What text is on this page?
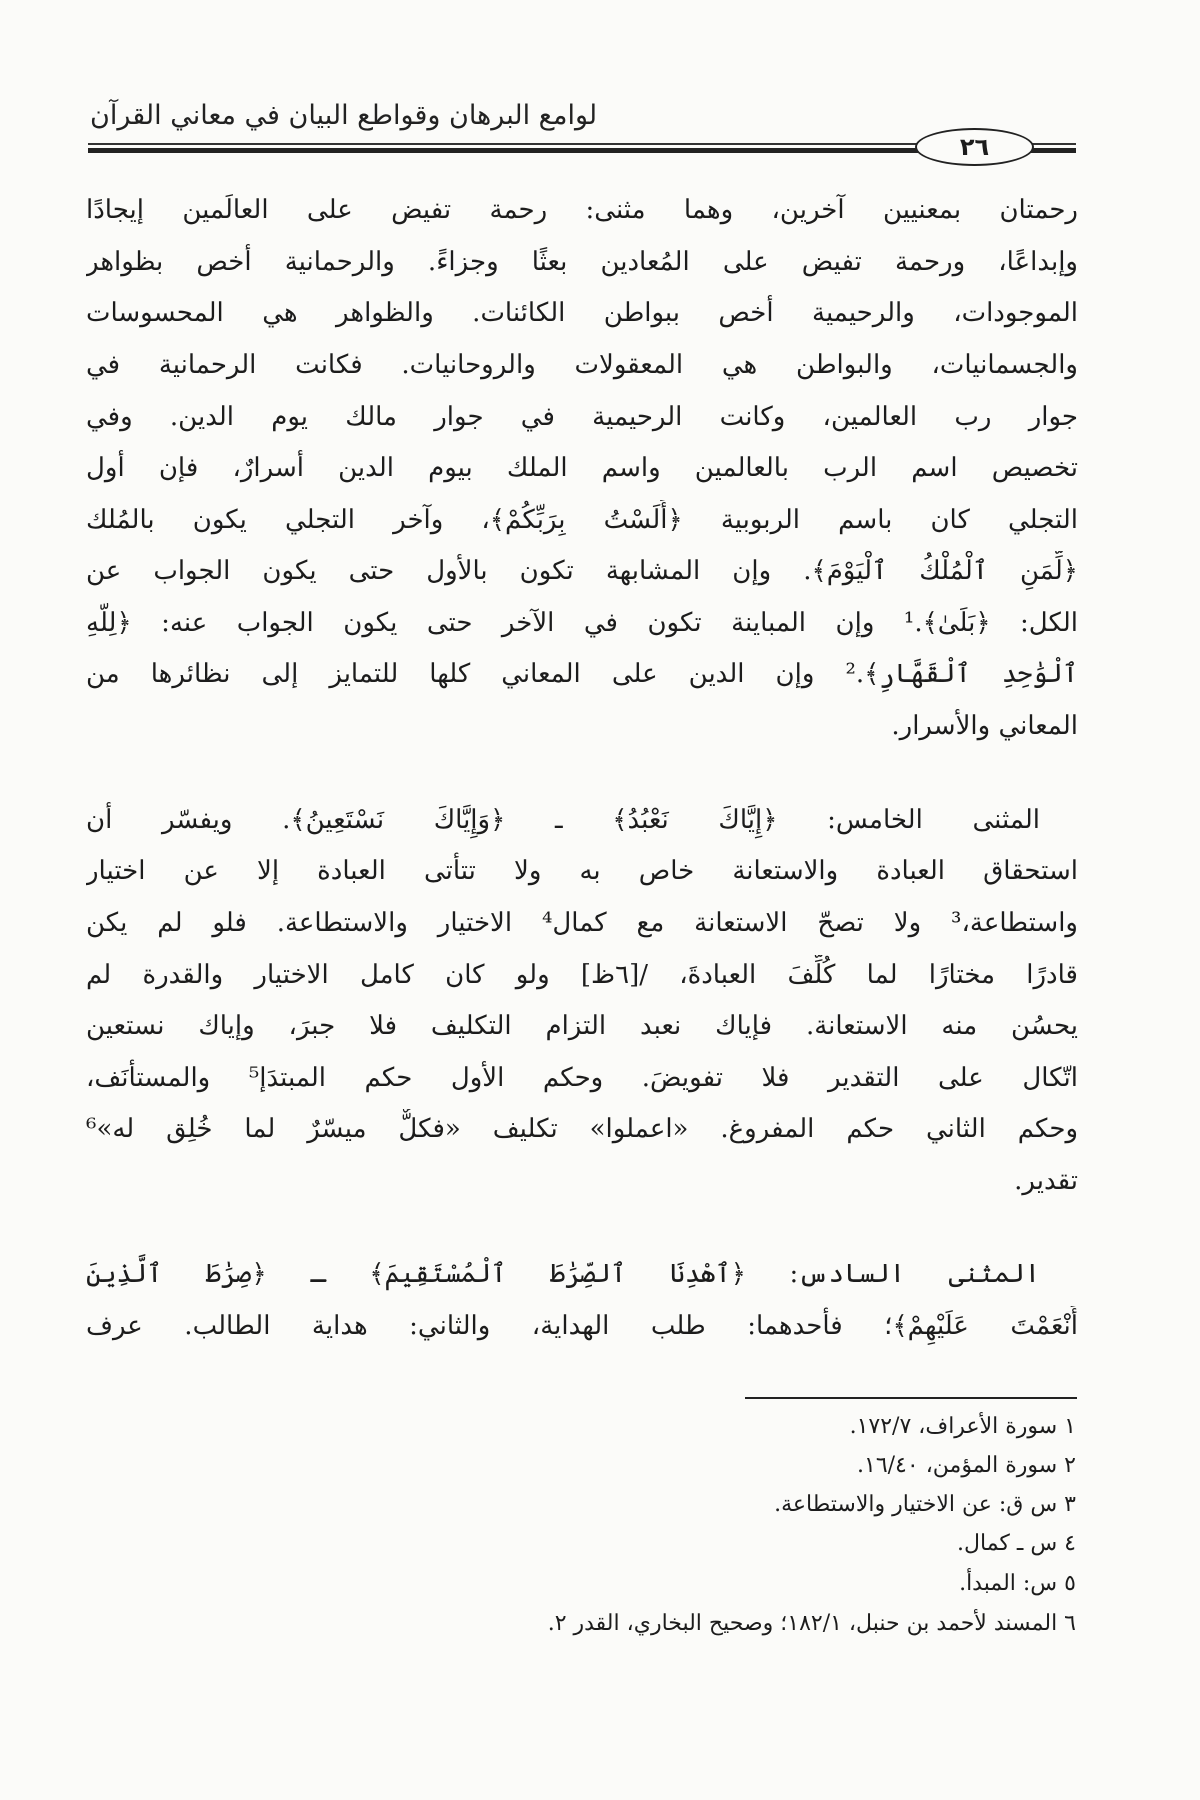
لوامع البرهان وقواطع البيان في معاني القرآن
٢٦
رحمتان بمعنيين آخرين، وهما مثنى: رحمة تفيض على العالَمين إيجادًا
وإبداعًا، ورحمة تفيض على المُعادين بعثًا وجزاءً. والرحمانية أخص بظواهر
الموجودات، والرحيمية أخص ببواطن الكائنات. والظواهر هي المحسوسات
والجسمانيات، والبواطن هي المعقولات والروحانيات. فكانت الرحمانية في
جوار رب العالمين، وكانت الرحيمية في جوار مالك يوم الدين. وفي
تخصيص اسم الرب بالعالمين واسم الملك بيوم الدين أسرارٌ، فإن أول
التجلي كان باسم الربوبية ﴿أَلَسْتُ بِرَبِّكُمْ﴾، وآخر التجلي يكون بالمُلك
﴿لِّمَنِ ٱلْمُلْكُ ٱلْيَوْمَ﴾. وإن المشابهة تكون بالأول حتى يكون الجواب عن
الكل: ﴿بَلَىٰ﴾.¹ وإن المباينة تكون في الآخر حتى يكون الجواب عنه: ﴿لِلَّهِ
ٱلْوَٰحِدِ ٱلْقَهَّارِ﴾.² وإن الدين على المعاني كلها للتمايز إلى نظائرها من
المعاني والأسرار.
المثنى الخامس: ﴿إِيَّاكَ نَعْبُدُ﴾ ـ ﴿وَإِيَّاكَ نَسْتَعِينُ﴾. ويفسّر أن
استحقاق العبادة والاستعانة خاص به ولا تتأتى العبادة إلا عن اختيار
واستطاعة،³ ولا تصحّ الاستعانة مع كمال⁴ الاختيار والاستطاعة. فلو لم يكن
قادرًا مختارًا لما كُلِّفَ العبادةَ، /[٦ظ] ولو كان كامل الاختيار والقدرة لم
يحسُن منه الاستعانة. فإياك نعبد التزام التكليف فلا جبرَ، وإياك نستعين
اتّكال على التقدير فلا تفويضَ. وحكم الأول حكم المبتدَإ⁵ والمستأنَف،
وحكم الثاني حكم المفروغ. «اعملوا» تكليف «فكلٌّ ميسّرٌ لما خُلِق له»⁶
تقدير.
المثنى السادس: ﴿ٱهْدِنَا ٱلصِّرَٰطَ ٱلْمُسْتَقِيمَ﴾ ـ ﴿صِرَٰطَ ٱلَّذِينَ
أَنْعَمْتَ عَلَيْهِمْ﴾؛ فأحدهما: طلب الهداية، والثاني: هداية الطالب. عرف
١ سورة الأعراف، ١٧٢/٧.
٢ سورة المؤمن، ١٦/٤٠.
٣ س ق: عن الاختيار والاستطاعة.
٤ س ـ كمال.
٥ س: المبدأ.
٦ المسند لأحمد بن حنبل، ١٨٢/١؛ وصحيح البخاري، القدر ٢.
